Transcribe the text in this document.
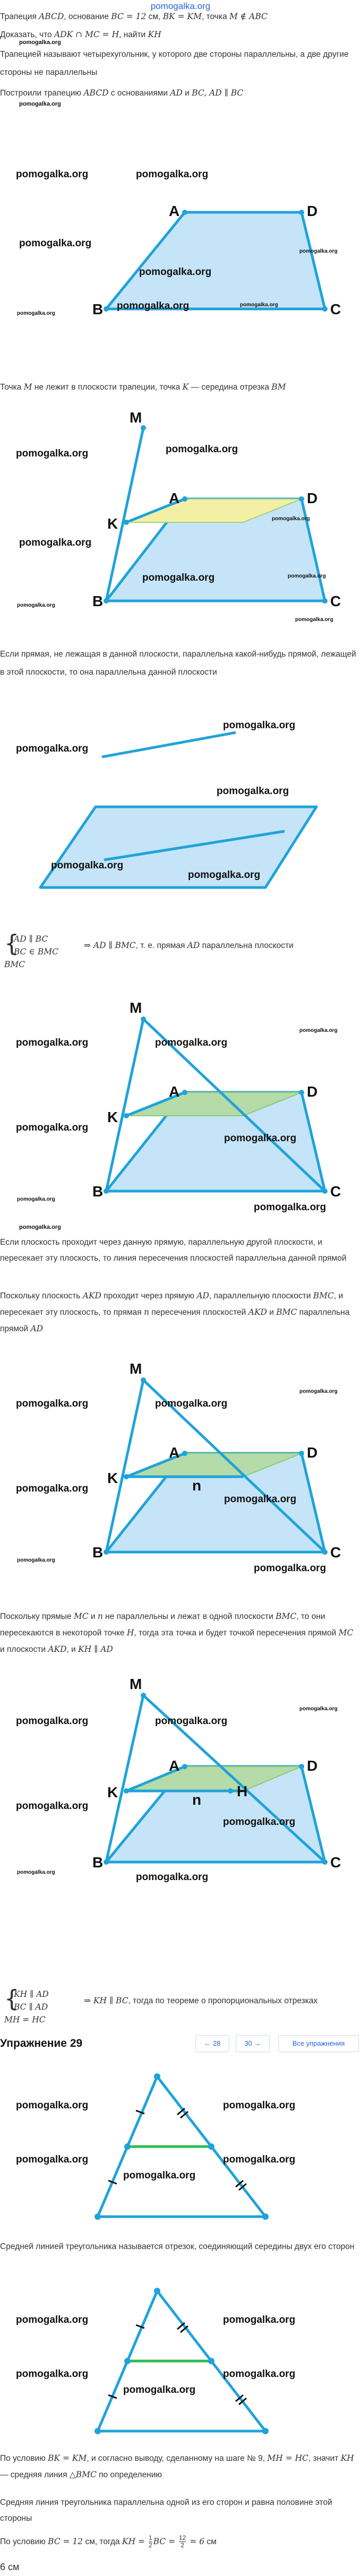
pomogalka.org
Трапеция ABCD, основание BC = 12 см, BK = KM, точка M ∉ ABC
Доказать, что ADK ∩ MC = H, найти KH
pomogalka.org
Трапецией называют четырехугольник, у которого две стороны параллельны, а две другие стороны не параллельны
Построили трапецию ABCD с основаниями AD и BC, AD ∥ BC
pomogalka.org
A	D
B	C
pomogalka.org
pomogalka.org
pomogalka.org
pomogalka.org
pomogalka.org
pomogalka.org
pomogalka.org
pomogalka.org
Точка M не лежит в плоскости трапеции, точка K — середина отрезка BM
M
K
A	D
B	C
pomogalka.org
pomogalka.org
pomogalka.org
pomogalka.org
pomogalka.org
pomogalka.org
pomogalka.org
pomogalka.org
Если прямая, не лежащая в данной плоскости, параллельна какой-нибудь прямой, лежащей в этой плоскости, то она параллельна данной плоскости
pomogalka.org
pomogalka.org
pomogalka.org
pomogalka.org
pomogalka.org
{
AD ∥ BC
BC ∈ BMC
⇒ AD ∥ BMC, т. е. прямая AD параллельна плоскости
BMC
M
K
A	D
B	C
pomogalka.org
pomogalka.org
pomogalka.org
pomogalka.org
pomogalka.org
pomogalka.org
pomogalka.org
Если плоскость проходит через данную прямую, параллельную другой плоскости, и пересекает эту плоскость, то линия пересечения плоскостей параллельна данной прямой
pomogalka.org
Поскольку плоскость AKD проходит через прямую AD, параллельную плоскости BMC, и пересекает эту плоскость, то прямая n пересечения плоскостей AKD и BMC параллельна прямой AD
M
K
A	D
B	C
n
pomogalka.org
pomogalka.org
pomogalka.org
pomogalka.org
pomogalka.org
pomogalka.org
pomogalka.org
Поскольку прямые MC и n не параллельны и лежат в одной плоскости BMC, то они пересекаются в некоторой точке H, тогда эта точка и будет точкой пересечения прямой MC и плоскости AKD, и KH ∥ AD
M
K
A	D
B	C
H
n
pomogalka.org
pomogalka.org
pomogalka.org
pomogalka.org
pomogalka.org
pomogalka.org
pomogalka.org
{
KH ∥ AD
BC ∥ AD
⇒ KH ∥ BC, тогда по теореме о пропорциональных отрезках
MH = HC
Упражнение 29	← 28	30 →	Все упражнения
pomogalka.org
pomogalka.org
pomogalka.org
pomogalka.org
pomogalka.org
Средней линией треугольника называется отрезок, соединяющий середины двух его сторон
pomogalka.org
pomogalka.org
pomogalka.org
pomogalka.org
pomogalka.org
По условию BK = KM, и согласно выводу, сделанному на шаге № 9, MH = HC, значит KH — средняя линия △BMC по определению
Средняя линия треугольника параллельна одной из его сторон и равна половине этой стороны
По условию BC = 12 см, тогда KH = $\frac{1}{2}$ BC = $\frac{12}{2} = 6$ см
6 см
